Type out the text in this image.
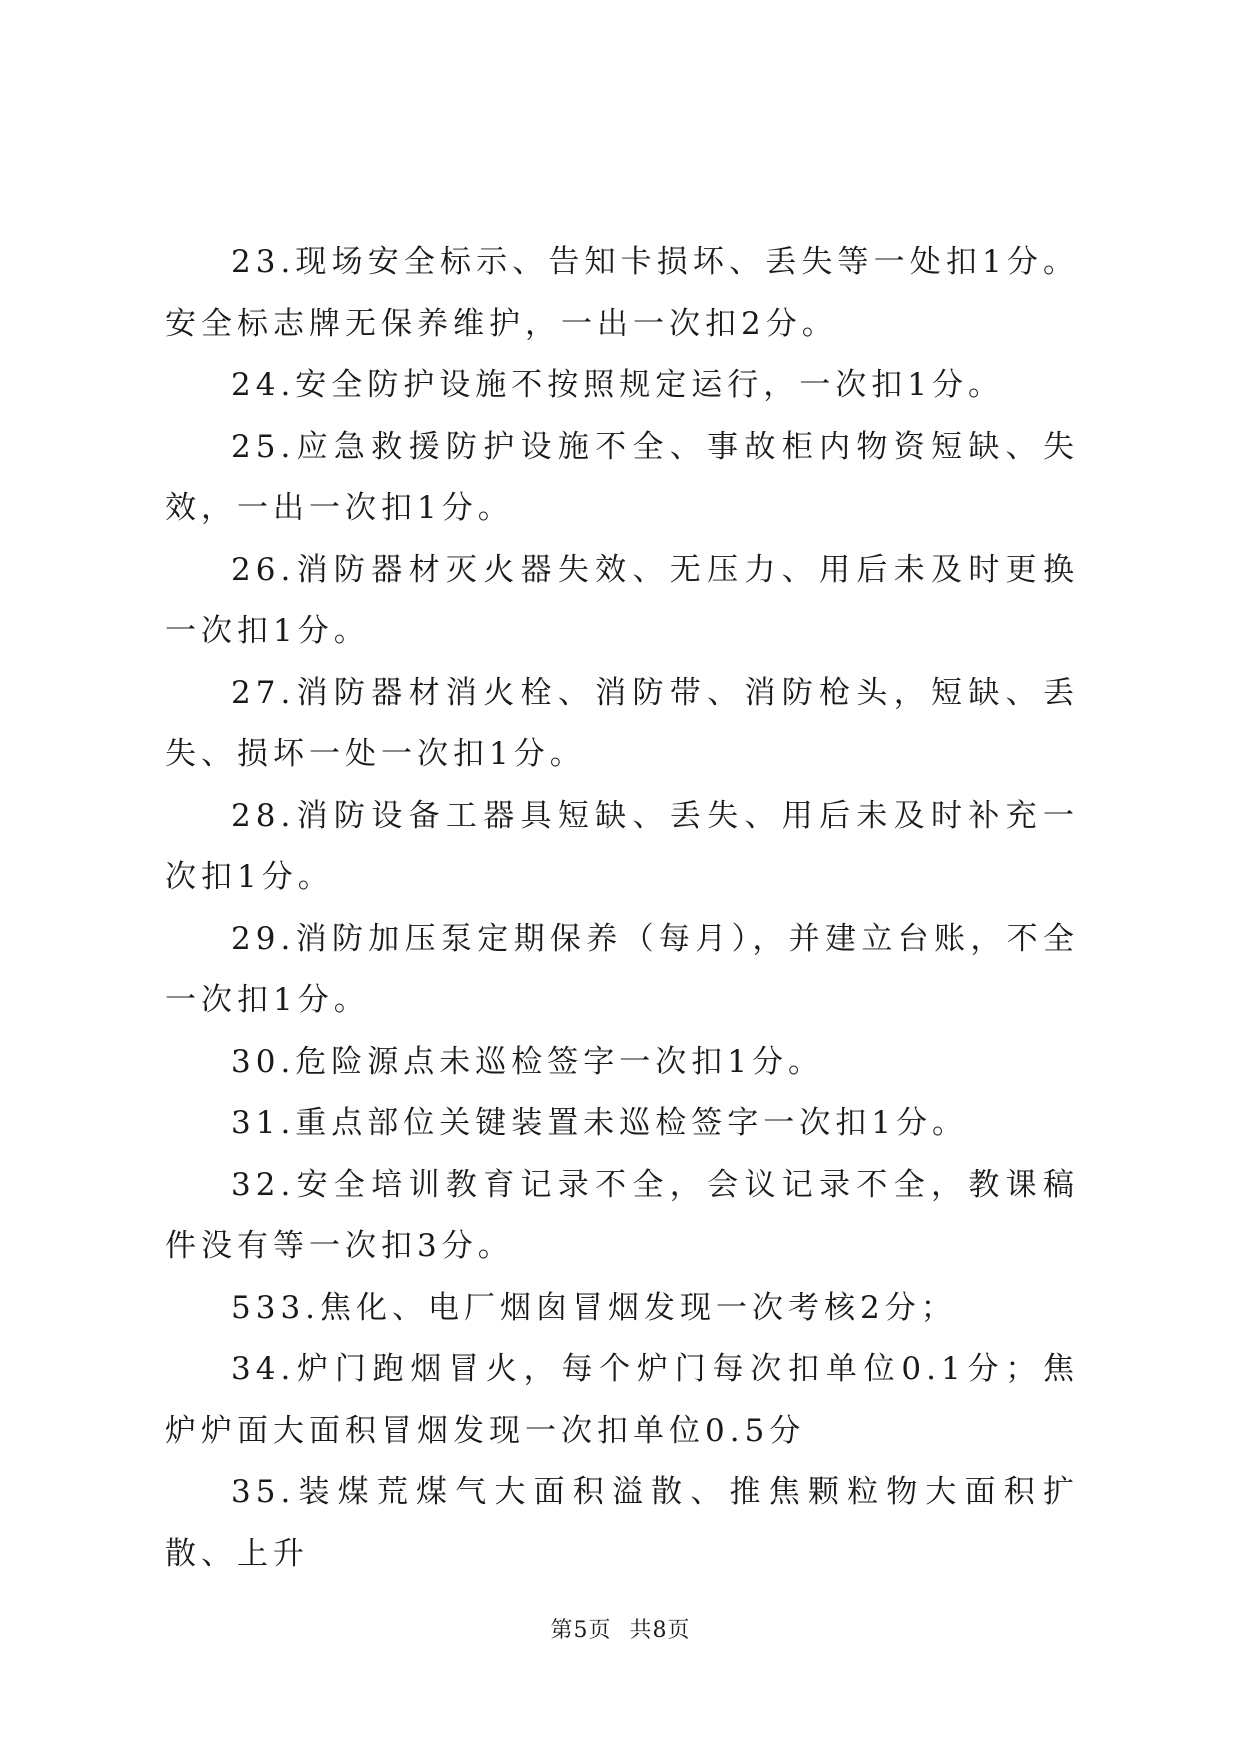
23.现场安全标示、告知卡损坏、丢失等一处扣1分。安全标志牌无保养维护，一出一次扣2分。

24.安全防护设施不按照规定运行，一次扣1分。

25.应急救援防护设施不全、事故柜内物资短缺、失效，一出一次扣1分。

26.消防器材灭火器失效、无压力、用后未及时更换一次扣1分。

27.消防器材消火栓、消防带、消防枪头，短缺、丢失、损坏一处一次扣1分。

28.消防设备工器具短缺、丢失、用后未及时补充一次扣1分。

29.消防加压泵定期保养（每月），并建立台账，不全一次扣1分。

30.危险源点未巡检签字一次扣1分。

31.重点部位关键装置未巡检签字一次扣1分。

32.安全培训教育记录不全，会议记录不全，教课稿件没有等一次扣3分。

533.焦化、电厂烟囱冒烟发现一次考核2分；

34.炉门跑烟冒火，每个炉门每次扣单位0.1分；焦炉炉面大面积冒烟发现一次扣单位0.5分

35.装煤荒煤气大面积溢散、推焦颗粒物大面积扩散、上升

第5页 共8页
